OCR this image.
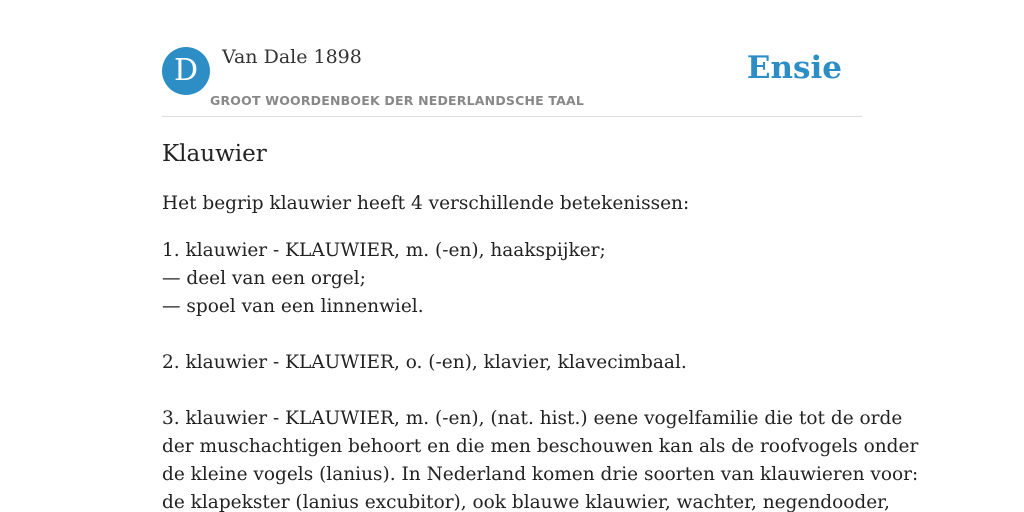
D	Van Dale 1898
GROOT WOORDENBOEK DER NEDERLANDSCHE TAAL
Ensie
Klauwier

Het begrip klauwier heeft 4 verschillende betekenissen:

1. klauwier - KLAUWIER, m. (-en), haakspijker;
— deel van een orgel;
— spoel van een linnenwiel.
2. klauwier - KLAUWIER, o. (-en), klavier, klavecimbaal.
3. klauwier - KLAUWIER, m. (-en), (nat. hist.) eene vogelfamilie die tot de orde
der muschachtigen behoort en die men beschouwen kan als de roofvogels onder
de kleine vogels (lanius). In Nederland komen drie soorten van klauwieren voor:
de klapekster (lanius excubitor), ook blauwe klauwier, wachter, negendooder,
